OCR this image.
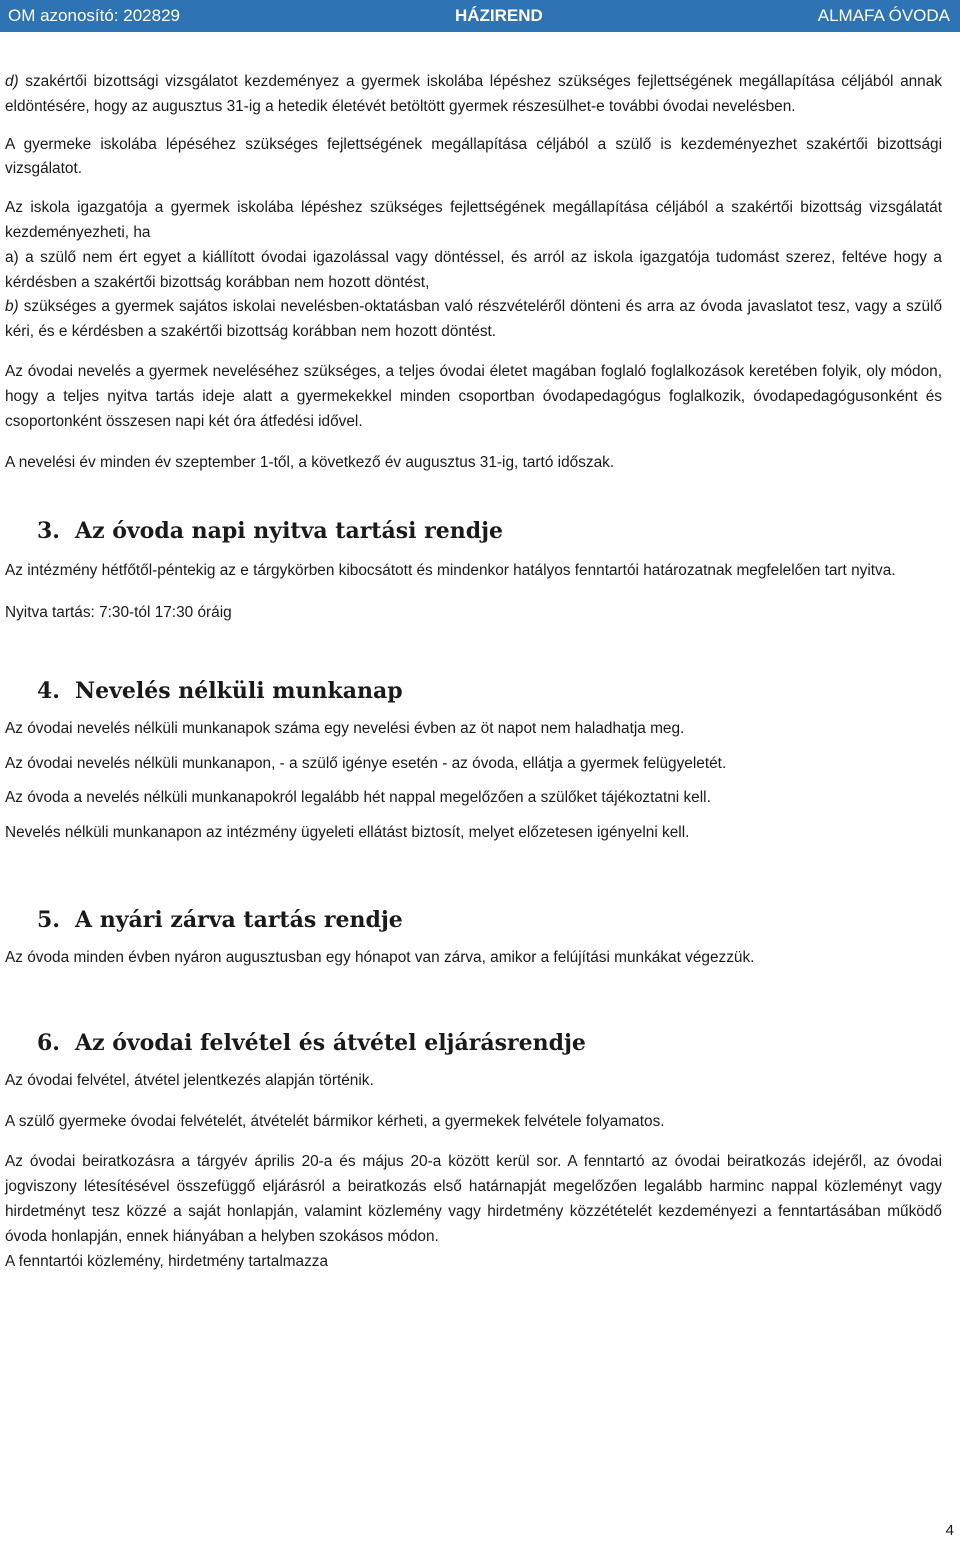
OM azonosító: 202829	HÁZIREND	ALMAFA ÓVODA

d) szakértői bizottsági vizsgálatot kezdeményez a gyermek iskolába lépéshez szükséges fejlettségének megállapítása céljából annak eldöntésére, hogy az augusztus 31-ig a hetedik életévét betöltött gyermek részesülhet-e további óvodai nevelésben.

A gyermeke iskolába lépéséhez szükséges fejlettségének megállapítása céljából a szülő is kezdeményezhet szakértői bizottsági vizsgálatot.

Az iskola igazgatója a gyermek iskolába lépéshez szükséges fejlettségének megállapítása céljából a szakértői bizottság vizsgálatát kezdeményezheti, ha

a) a szülő nem ért egyet a kiállított óvodai igazolással vagy döntéssel, és arról az iskola igazgatója tudomást szerez, feltéve hogy a kérdésben a szakértői bizottság korábban nem hozott döntést,

b) szükséges a gyermek sajátos iskolai nevelésben-oktatásban való részvételéről dönteni és arra az óvoda javaslatot tesz, vagy a szülő kéri, és e kérdésben a szakértői bizottság korábban nem hozott döntést.

Az óvodai nevelés a gyermek neveléséhez szükséges, a teljes óvodai életet magában foglaló foglalkozások keretében folyik, oly módon, hogy a teljes nyitva tartás ideje alatt a gyermekekkel minden csoportban óvodapedagógus foglalkozik, óvodapedagógusonként és csoportonként összesen napi két óra átfedési idővel.

A nevelési év minden év szeptember 1-től, a következő év augusztus 31-ig, tartó időszak.

3. Az óvoda napi nyitva tartási rendje

Az intézmény hétfőtől-péntekig az e tárgykörben kibocsátott és mindenkor hatályos fenntartói határozatnak megfelelően tart nyitva.

Nyitva tartás: 7:30-tól 17:30 óráig

4. Nevelés nélküli munkanap

Az óvodai nevelés nélküli munkanapok száma egy nevelési évben az öt napot nem haladhatja meg.

Az óvodai nevelés nélküli munkanapon, - a szülő igénye esetén - az óvoda, ellátja a gyermek felügyeletét.

Az óvoda a nevelés nélküli munkanapokról legalább hét nappal megelőzően a szülőket tájékoztatni kell.

Nevelés nélküli munkanapon az intézmény ügyeleti ellátást biztosít, melyet előzetesen igényelni kell.

5. A nyári zárva tartás rendje

Az óvoda minden évben nyáron augusztusban egy hónapot van zárva, amikor a felújítási munkákat végezzük.

6. Az óvodai felvétel és átvétel eljárásrendje

Az óvodai felvétel, átvétel jelentkezés alapján történik.

A szülő gyermeke óvodai felvételét, átvételét bármikor kérheti, a gyermekek felvétele folyamatos.

Az óvodai beiratkozásra a tárgyév április 20-a és május 20-a között kerül sor. A fenntartó az óvodai beiratkozás idejéről, az óvodai jogviszony létesítésével összefüggő eljárásról a beiratkozás első határnapját megelőzően legalább harminc nappal közleményt vagy hirdetményt tesz közzé a saját honlapján, valamint közlemény vagy hirdetmény közzétételét kezdeményezi a fenntartásában működő óvoda honlapján, ennek hiányában a helyben szokásos módon.

A fenntartói közlemény, hirdetmény tartalmazza

4
